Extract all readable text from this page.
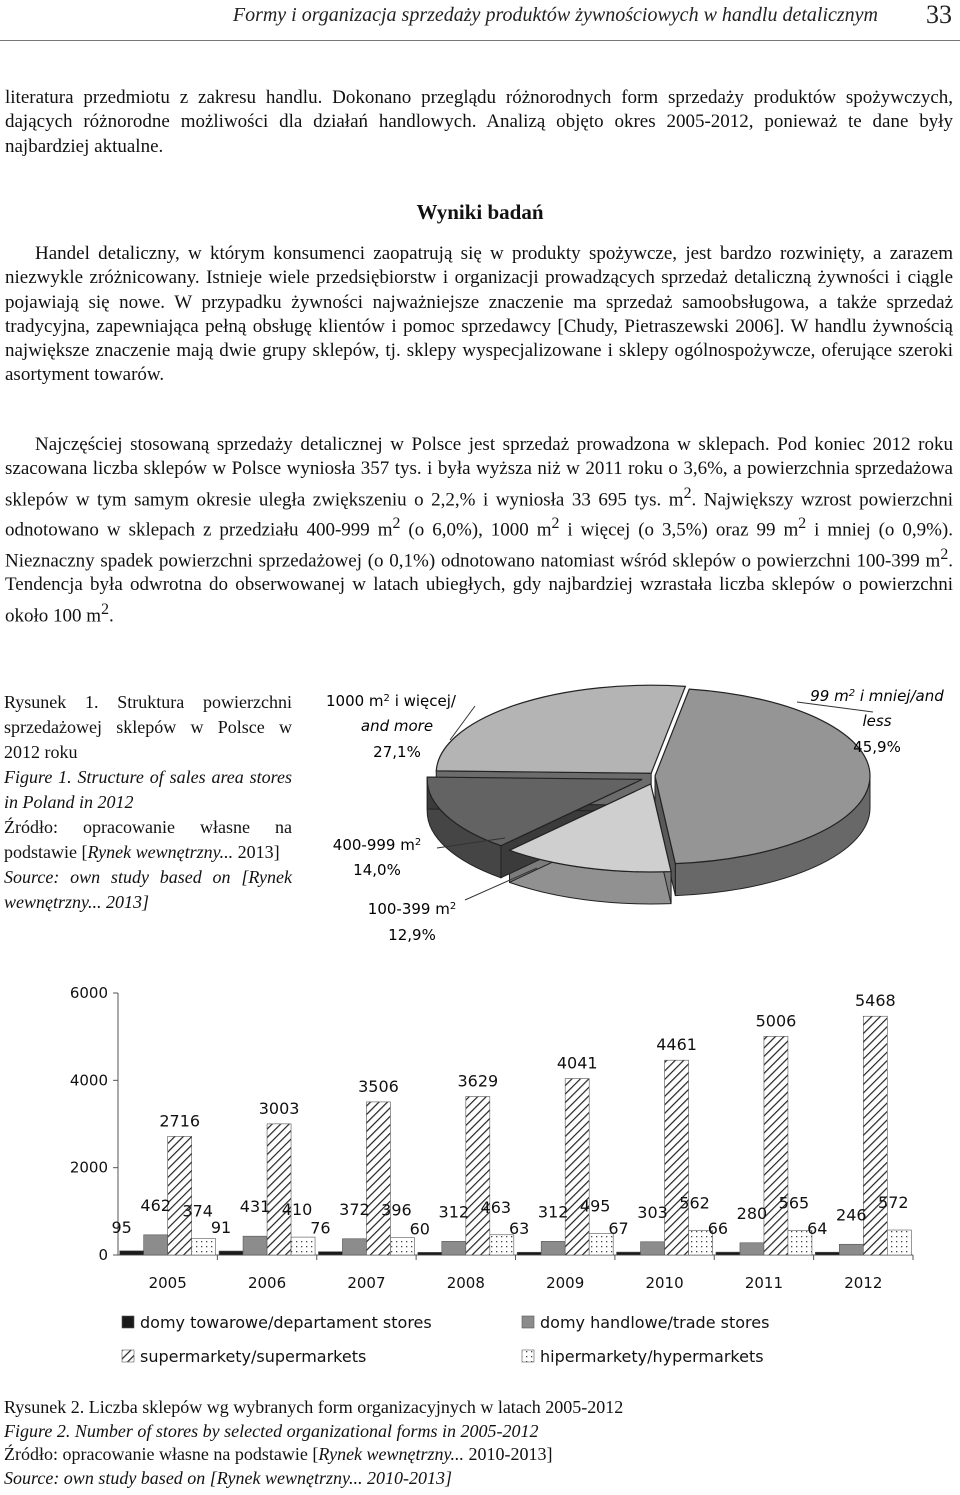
Formy i organizacja sprzedaży produktów żywnościowych w handlu detalicznym 33

literatura przedmiotu z zakresu handlu. Dokonano przeglądu różnorodnych form sprzedaży produktów spożywczych, dających różnorodne możliwości dla działań handlowych. Analizą objęto okres 2005-2012, ponieważ te dane były najbardziej aktualne.

Wyniki badań

Handel detaliczny, w którym konsumenci zaopatrują się w produkty spożywcze, jest bardzo rozwinięty, a zarazem niezwykle zróżnicowany. Istnieje wiele przedsiębiorstw i organizacji prowadzących sprzedaż detaliczną żywności i ciągle pojawiają się nowe. W przypadku żywności najważniejsze znaczenie ma sprzedaż samoobsługowa, a także sprzedaż tradycyjna, zapewniająca pełną obsługę klientów i pomoc sprzedawcy [Chudy, Pietraszewski 2006]. W handlu żywnością największe znaczenie mają dwie grupy sklepów, tj. sklepy wyspecjalizowane i sklepy ogólnospożywcze, oferujące szeroki asortyment towarów.

Najczęściej stosowaną sprzedaży detalicznej w Polsce jest sprzedaż prowadzona w sklepach. Pod koniec 2012 roku szacowana liczba sklepów w Polsce wyniosła 357 tys. i była wyższa niż w 2011 roku o 3,6%, a powierzchnia sprzedażowa sklepów w tym samym okresie uległa zwiększeniu o 2,2,% i wyniosła 33 695 tys. $m^2$. Największy wzrost powierzchni odnotowano w sklepach z przedziału 400-999 $m^2$ (o 6,0%), 1000 $m^2$ i więcej (o 3,5%) oraz 99 $m^2$ i mniej (o 0,9%). Nieznaczny spadek powierzchni sprzedażowej (o 0,1%) odnotowano natomiast wśród sklepów o powierzchni 100-399 $m^2$. Tendencja była odwrotna do obserwowanej w latach ubiegłych, gdy najbardziej wzrastała liczba sklepów o powierzchni około 100 $m^2$.

Rysunek 1. Struktura powierzchni sprzedażowej sklepów w Polsce w 2012 roku
Figure 1. Structure of sales area stores in Poland in 2012
Źródło: opracowanie własne na podstawie [Rynek wewnętrzny... 2013]
Source: own study based on [Rynek wewnętrzny... 2013]
1000 $m^2$ i więcej/
and more
27,1%
99 $m^2$ i mniej/and
less
45,9%
400-999 $m^2$
14,0%
100-399 $m^2$
12,9%
0
2000
4000
6000
2005	2006	2007	2008	2009	2010	2011	2012
95
462
2716
374
91
431
3003
410
76
372
3506
396
60
312
3629
463
63
312
4041
495
67
303
4461
562
66
280
5006
565
64
246
5468
572
domy towarowe/departament stores	domy handlowe/trade stores
supermarkety/supermarkets	hipermarkety/hypermarkets
Rysunek 2. Liczba sklepów wg wybranych form organizacyjnych w latach 2005-2012
Figure 2. Number of stores by selected organizational forms in 2005-2012
Źródło: opracowanie własne na podstawie [Rynek wewnętrzny... 2010-2013]
Source: own study based on [Rynek wewnętrzny... 2010-2013]
